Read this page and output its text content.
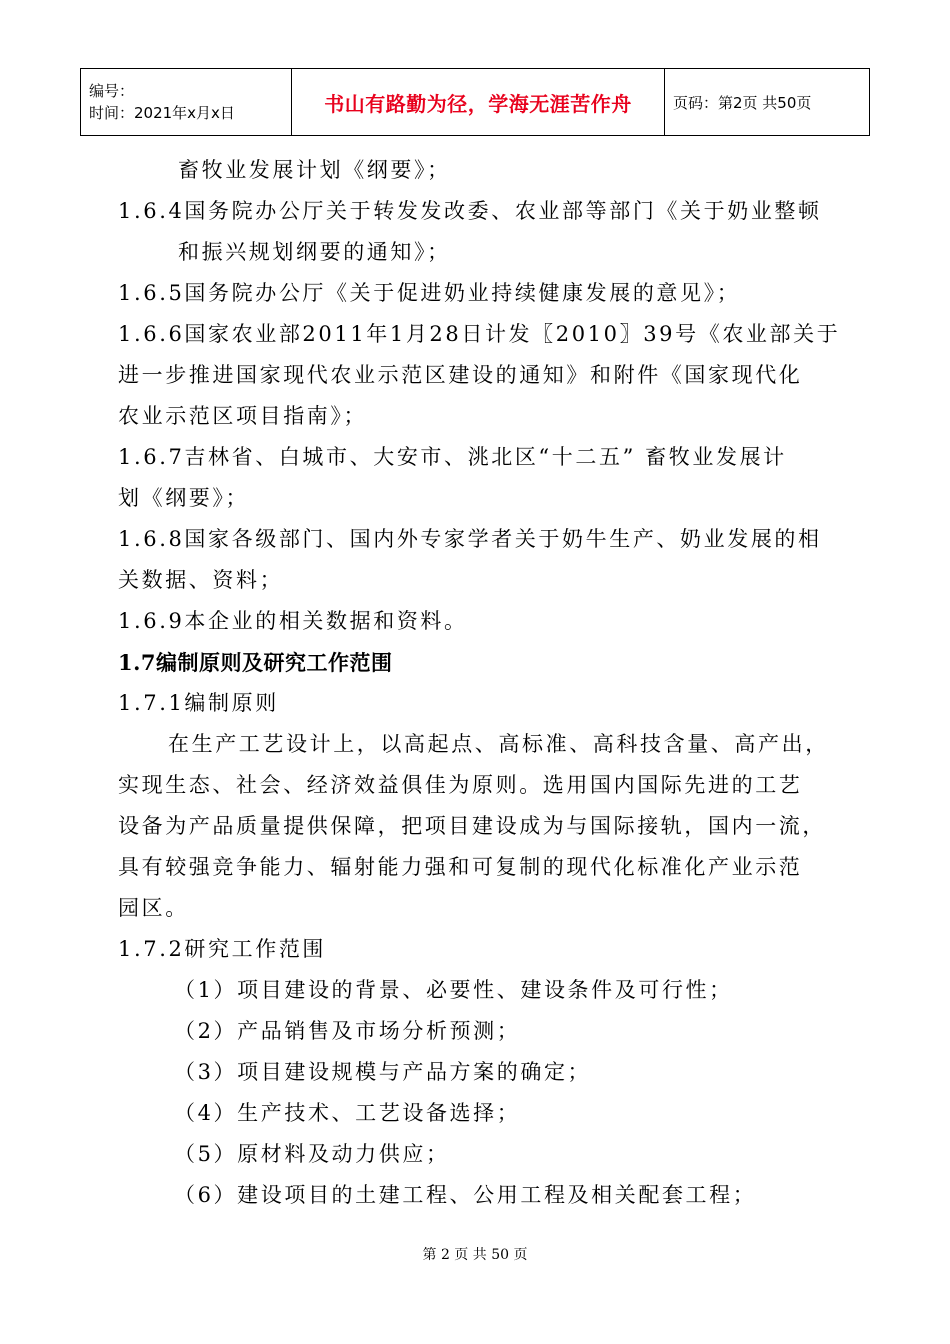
编号：
时间：2021年x月x日	书山有路勤为径，学海无涯苦作舟	页码：第2页 共50页
畜牧业发展计划《纲要》；
1.6.4国务院办公厅关于转发发改委、农业部等部门《关于奶业整顿
和振兴规划纲要的通知》；
1.6.5国务院办公厅《关于促进奶业持续健康发展的意见》；
1.6.6国家农业部2011年1月28日计发〖2010〗39号《农业部关于
进一步推进国家现代农业示范区建设的通知》和附件《国家现代化
农业示范区项目指南》；
1.6.7吉林省、白城市、大安市、洮北区“十二五” 畜牧业发展计
划《纲要》；
1.6.8国家各级部门、国内外专家学者关于奶牛生产、奶业发展的相
关数据、资料；
1.6.9本企业的相关数据和资料。
1.7编制原则及研究工作范围
1.7.1编制原则
在生产工艺设计上，以高起点、高标准、高科技含量、高产出，
实现生态、社会、经济效益俱佳为原则。选用国内国际先进的工艺
设备为产品质量提供保障，把项目建设成为与国际接轨，国内一流，
具有较强竞争能力、辐射能力强和可复制的现代化标准化产业示范
园区。
1.7.2研究工作范围
（1）项目建设的背景、必要性、建设条件及可行性；
（2）产品销售及市场分析预测；
（3）项目建设规模与产品方案的确定；
（4）生产技术、工艺设备选择；
（5）原材料及动力供应；
（6）建设项目的土建工程、公用工程及相关配套工程；
第 2 页 共 50 页
